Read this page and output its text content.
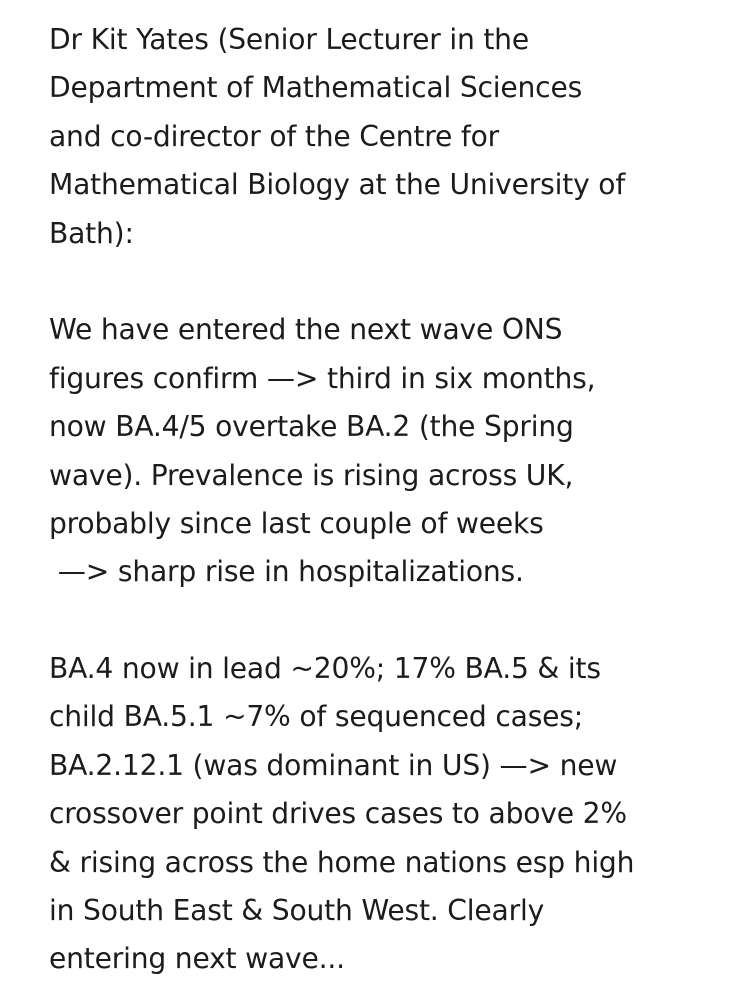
Dr Kit Yates (Senior Lecturer in the
Department of Mathematical Sciences
and co-director of the Centre for
Mathematical Biology at the University of
Bath):
We have entered the next wave ONS
figures confirm —> third in six months,
now BA.4/5 overtake BA.2 (the Spring
wave). Prevalence is rising across UK,
probably since last couple of weeks
—> sharp rise in hospitalizations.
BA.4 now in lead ~20%; 17% BA.5 & its
child BA.5.1 ~7% of sequenced cases;
BA.2.12.1 (was dominant in US) —> new
crossover point drives cases to above 2%
& rising across the home nations esp high
in South East & South West. Clearly
entering next wave...
